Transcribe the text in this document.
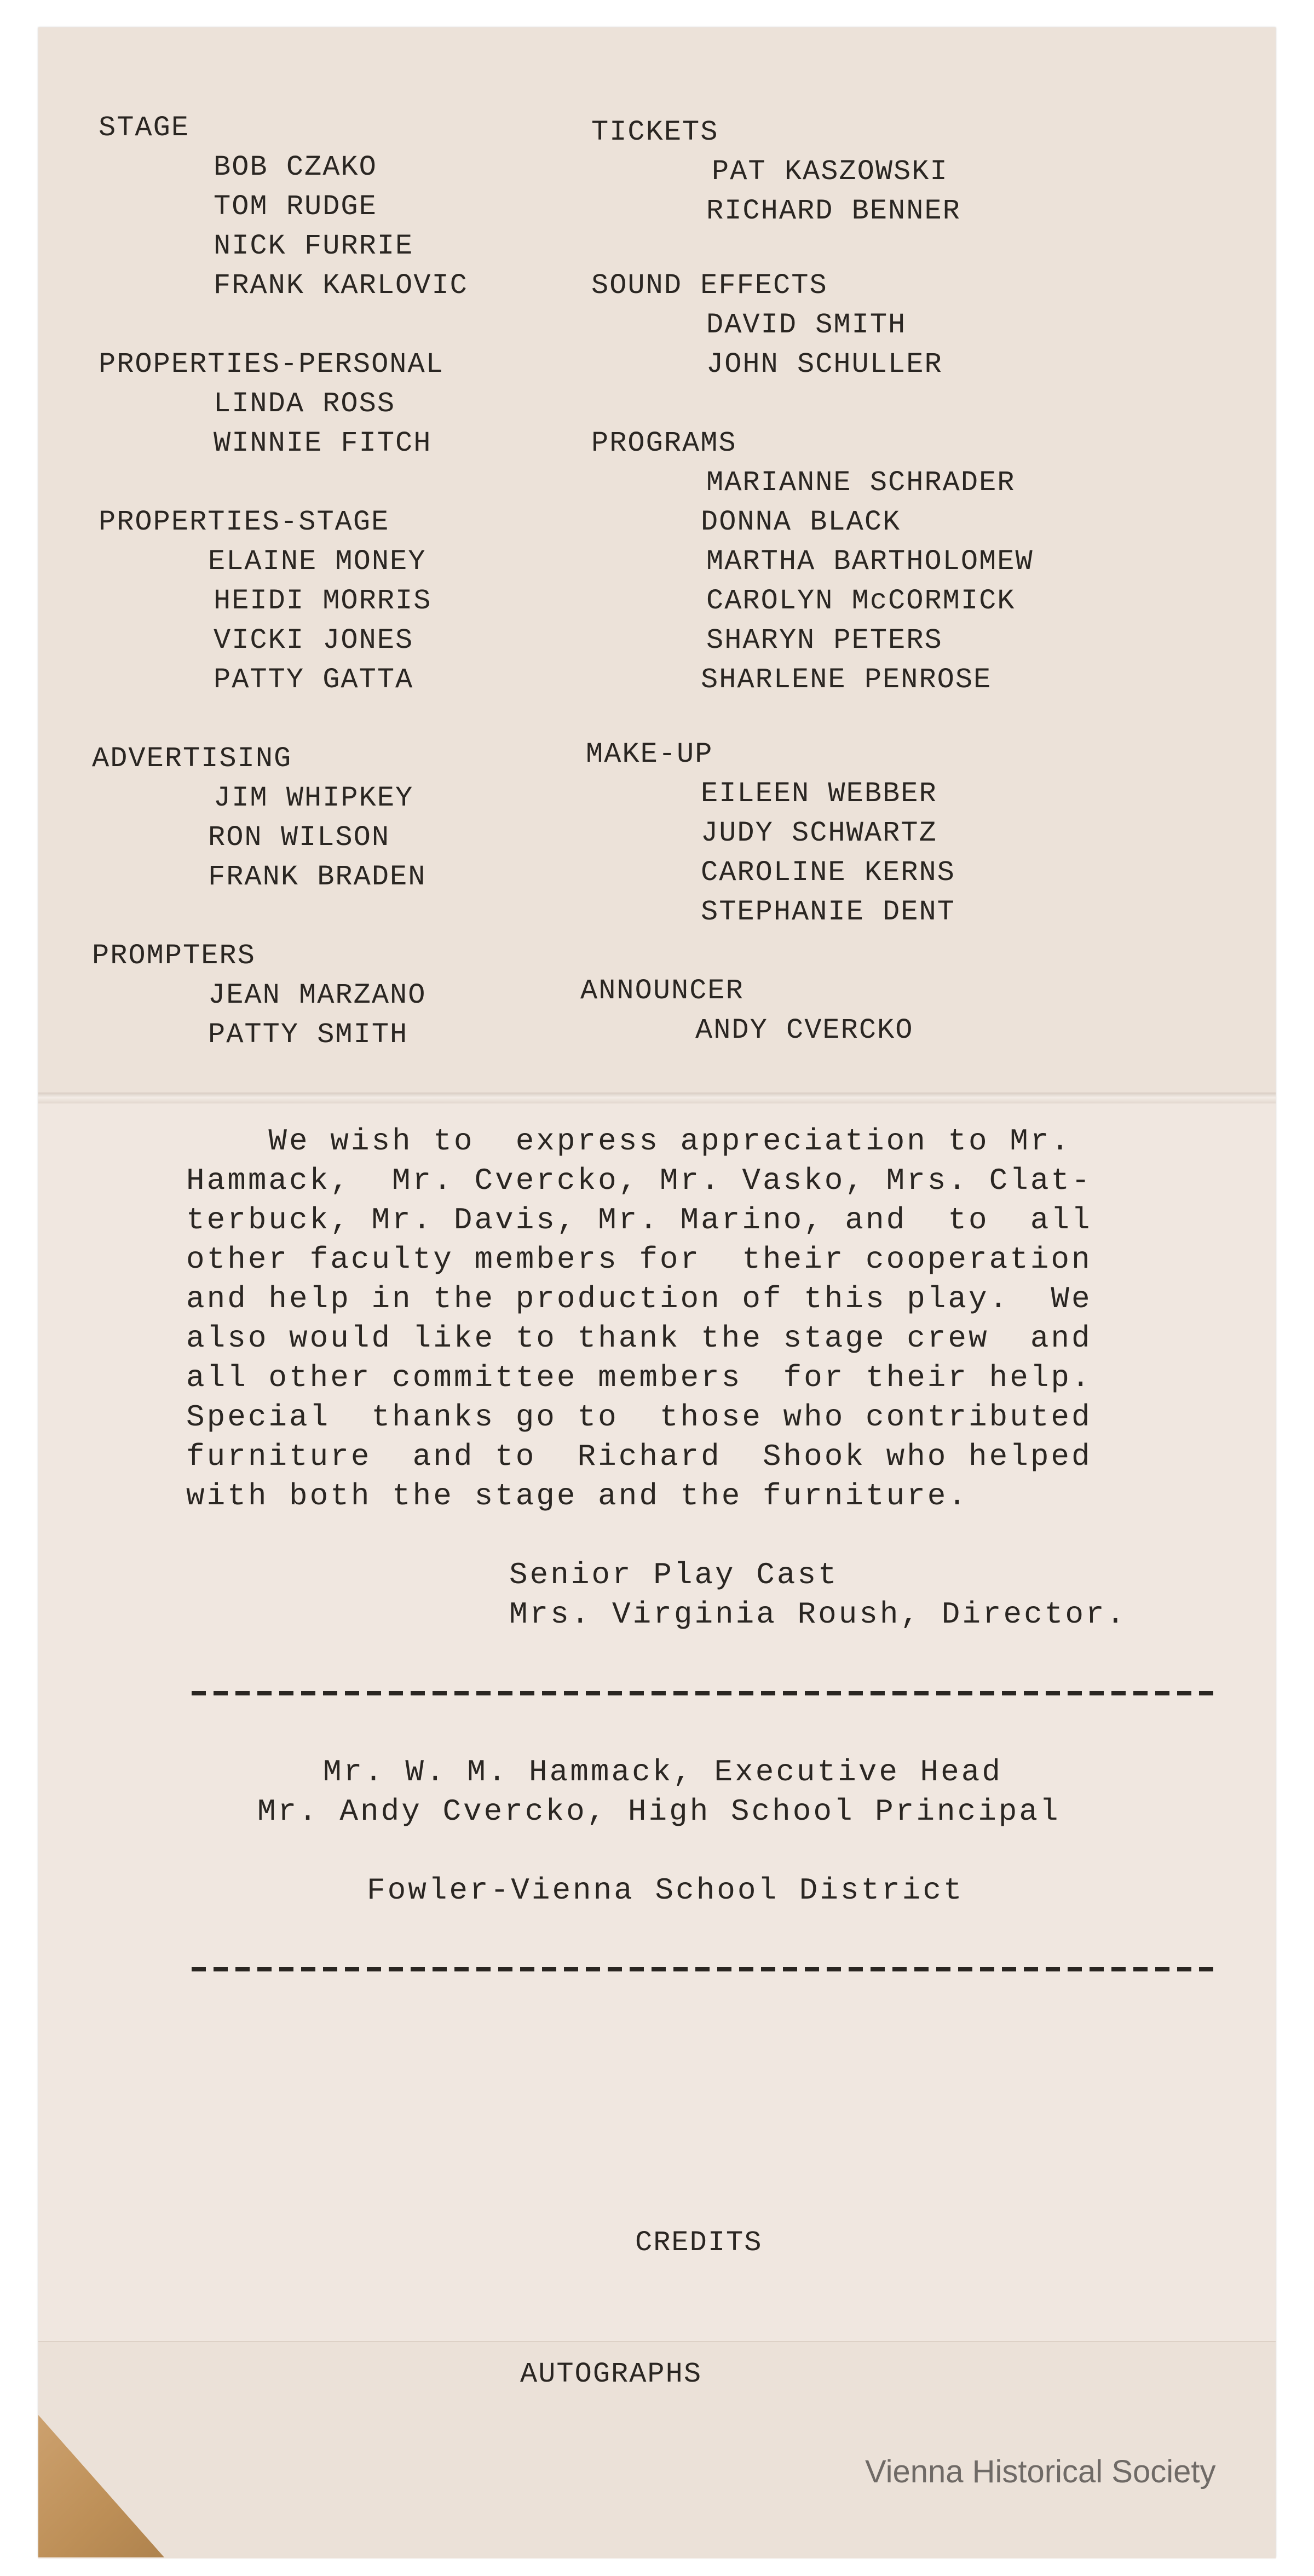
STAGE
BOB CZAKO
TOM RUDGE
NICK FURRIE
FRANK KARLOVIC
PROPERTIES-PERSONAL
LINDA ROSS
WINNIE FITCH
PROPERTIES-STAGE
ELAINE MONEY
HEIDI MORRIS
VICKI JONES
PATTY GATTA
ADVERTISING
JIM WHIPKEY
RON WILSON
FRANK BRADEN
PROMPTERS
JEAN MARZANO
PATTY SMITH
TICKETS
PAT KASZOWSKI
RICHARD BENNER
SOUND EFFECTS
DAVID SMITH
JOHN SCHULLER
PROGRAMS
MARIANNE SCHRADER
DONNA BLACK
MARTHA BARTHOLOMEW
CAROLYN McCORMICK
SHARYN PETERS
SHARLENE PENROSE
MAKE-UP
EILEEN WEBBER
JUDY SCHWARTZ
CAROLINE KERNS
STEPHANIE DENT
ANNOUNCER
ANDY CVERCKO
We wish to  express appreciation to Mr.
Hammack,  Mr. Cvercko, Mr. Vasko, Mrs. Clat-
terbuck, Mr. Davis, Mr. Marino, and  to  all
other faculty members for  their cooperation
and help in the production of this play.  We
also would like to thank the stage crew  and
all other committee members  for their help.
Special  thanks go to  those who contributed
furniture  and to  Richard  Shook who helped
with both the stage and the furniture.
Senior Play Cast
Mrs. Virginia Roush, Director.
Mr. W. M. Hammack, Executive Head
Mr. Andy Cvercko, High School Principal
Fowler-Vienna School District
CREDITS
AUTOGRAPHS
Vienna Historical Society
